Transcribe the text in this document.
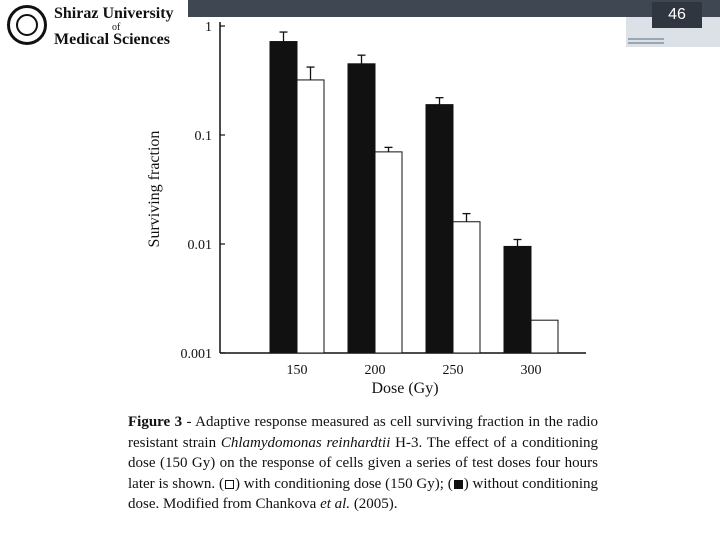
46
Shiraz University
of
Medical Sciences
1
0.1
0.01
0.001
150	200	250	300
Dose (Gy)
Surviving fraction
Figure 3 - Adaptive response measured as cell surviving fraction in the radio resistant strain Chlamydomonas reinhardtii H-3. The effect of a conditioning dose (150 Gy) on the response of cells given a series of test doses four hours later is shown. ( ) with conditioning dose (150 Gy); ( ) without conditioning dose. Modified from Chankova et al. (2005).
